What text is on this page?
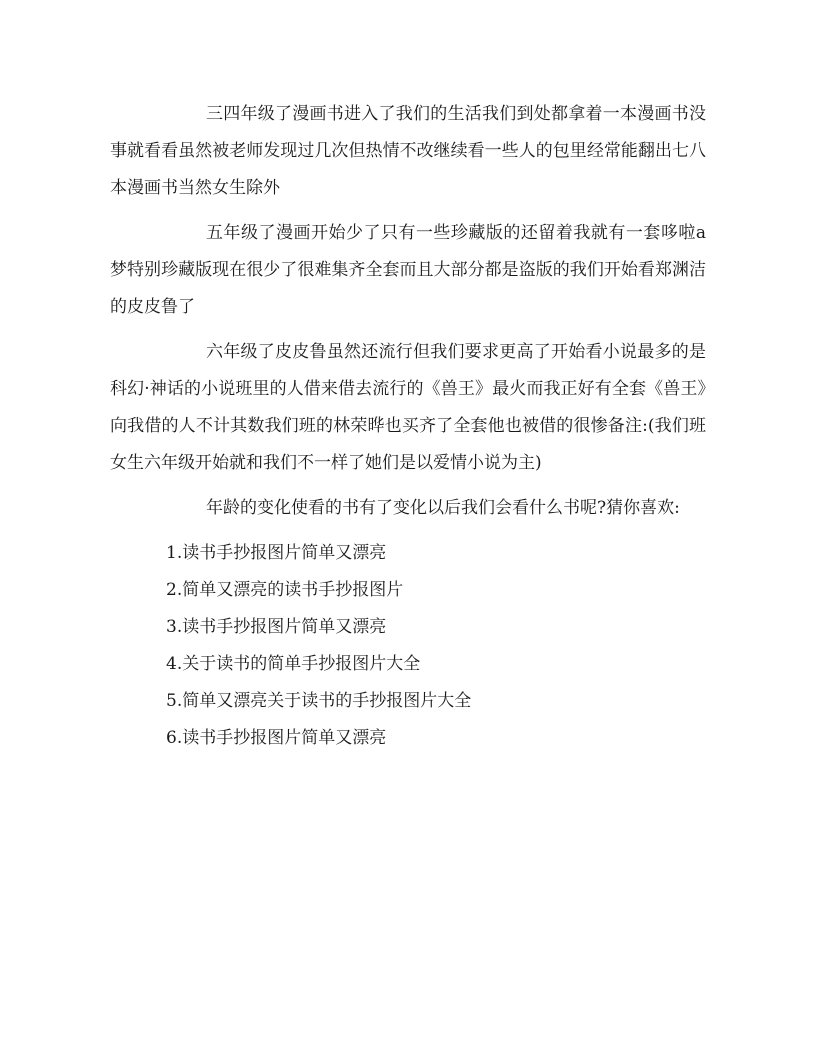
三四年级了漫画书进入了我们的生活我们到处都拿着一本漫画书没事就看看虽然被老师发现过几次但热情不改继续看一些人的包里经常能翻出七八本漫画书当然女生除外

五年级了漫画开始少了只有一些珍藏版的还留着我就有一套哆啦a梦特别珍藏版现在很少了很难集齐全套而且大部分都是盗版的我们开始看郑渊洁的皮皮鲁了

六年级了皮皮鲁虽然还流行但我们要求更高了开始看小说最多的是科幻·神话的小说班里的人借来借去流行的《兽王》最火而我正好有全套《兽王》向我借的人不计其数我们班的林荣晔也买齐了全套他也被借的很惨备注:(我们班女生六年级开始就和我们不一样了她们是以爱情小说为主)

年龄的变化使看的书有了变化以后我们会看什么书呢?猜你喜欢:

1.读书手抄报图片简单又漂亮
2.简单又漂亮的读书手抄报图片
3.读书手抄报图片简单又漂亮
4.关于读书的简单手抄报图片大全
5.简单又漂亮关于读书的手抄报图片大全
6.读书手抄报图片简单又漂亮
